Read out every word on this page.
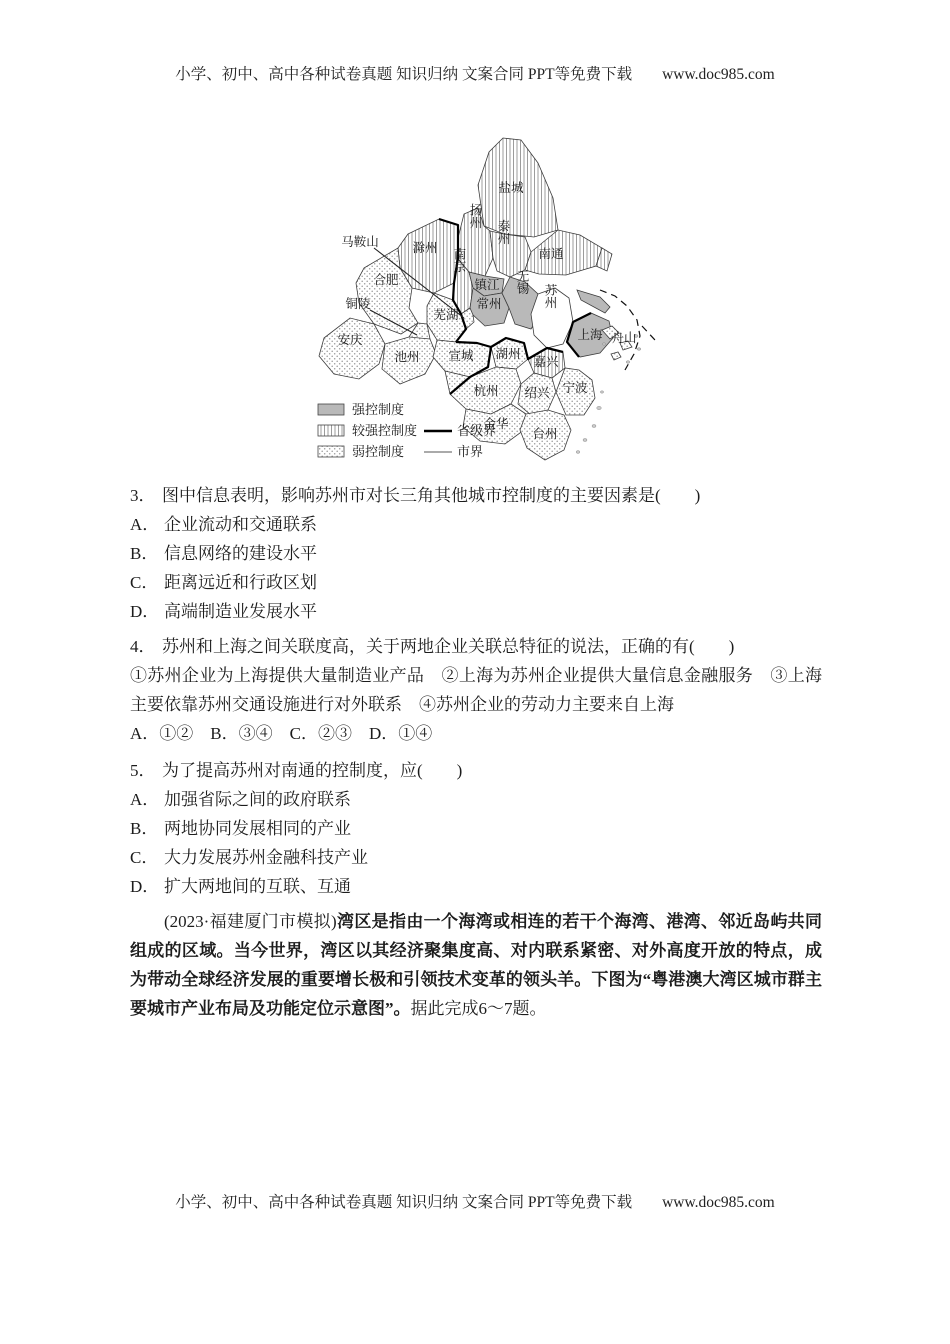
小学、初中、高中各种试卷真题 知识归纳 文案合同 PPT等免费下载 www.doc985.com
盐城
扬州
泰州
南通
滁州 南京
镇江
常州
无锡
苏州
上海
马鞍山
合肥
芜湖
铜陵
安庆
池州 宣城 湖州
嘉兴
舟山
杭州 绍兴 宁波
金华
台州
强控制度
较强控制度	省级界
弱控制度	市界
3． 图中信息表明，影响苏州市对长三角其他城市控制度的主要因素是(　　)
A． 企业流动和交通联系
B． 信息网络的建设水平
C． 距离远近和行政区划
D． 高端制造业发展水平
4． 苏州和上海之间关联度高，关于两地企业关联总特征的说法，正确的有(　　)
①苏州企业为上海提供大量制造业产品　②上海为苏州企业提供大量信息金融服务　③上海主要依靠苏州交通设施进行对外联系　④苏州企业的劳动力主要来自上海
A．①②　B．③④　C．②③　D．①④
5． 为了提高苏州对南通的控制度，应(　　)
A． 加强省际之间的政府联系
B． 两地协同发展相同的产业
C． 大力发展苏州金融科技产业
D． 扩大两地间的互联、互通
(2023·福建厦门市模拟)湾区是指由一个海湾或相连的若干个海湾、港湾、邻近岛屿共同组成的区域。当今世界，湾区以其经济聚集度高、对内联系紧密、对外高度开放的特点，成为带动全球经济发展的重要增长极和引领技术变革的领头羊。下图为“粤港澳大湾区城市群主要城市产业布局及功能定位示意图”。据此完成6～7题。
小学、初中、高中各种试卷真题 知识归纳 文案合同 PPT等免费下载 www.doc985.com
